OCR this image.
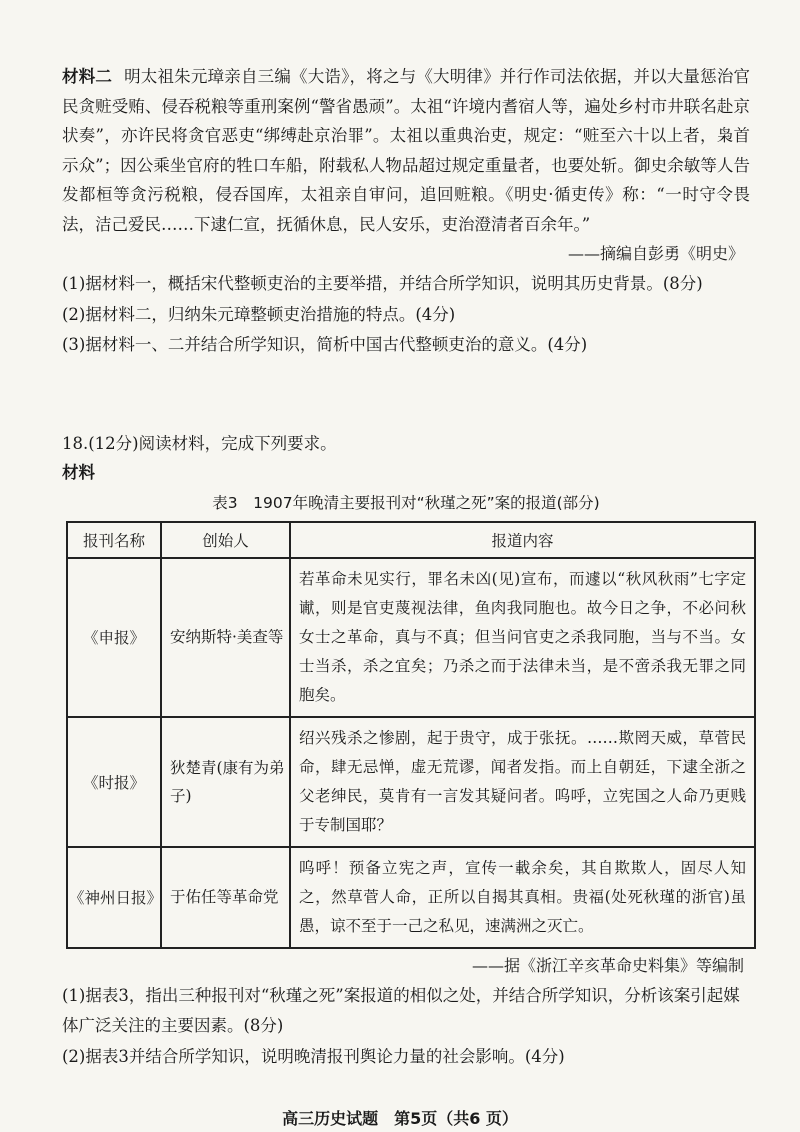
材料二 明太祖朱元璋亲自三编《大诰》，将之与《大明律》并行作司法依据，并以大量惩治官民贪赃受贿、侵吞税粮等重刑案例“警省愚顽”。太祖“许境内耆宿人等，遍处乡村市井联名赴京状奏”，亦许民将贪官恶吏“绑缚赴京治罪”。太祖以重典治吏，规定：“赃至六十以上者，枭首示众”；因公乘坐官府的牲口车船，附载私人物品超过规定重量者，也要处斩。御史余敏等人告发都桓等贪污税粮，侵吞国库，太祖亲自审问，追回赃粮。《明史·循吏传》称：“一时守令畏法，洁己爱民……下逮仁宣，抚循休息，民人安乐，吏治澄清者百余年。”

——摘编自彭勇《明史》

(1)据材料一，概括宋代整顿吏治的主要举措，并结合所学知识，说明其历史背景。(8分)

(2)据材料二，归纳朱元璋整顿吏治措施的特点。(4分)

(3)据材料一、二并结合所学知识，简析中国古代整顿吏治的意义。(4分)

18.(12分)阅读材料，完成下列要求。

材料
表3　1907年晚清主要报刊对“秋瑾之死”案的报道(部分)
报刊名称	创始人	报道内容
《申报》	安纳斯特·美查等	若革命未见实行，罪名未凶(见)宣布，而遽以“秋风秋雨”七字定谳，则是官吏蔑视法律，鱼肉我同胞也。故今日之争，不必问秋女士之革命，真与不真；但当问官吏之杀我同胞，当与不当。女士当杀，杀之宜矣；乃杀之而于法律未当，是不啻杀我无罪之同胞矣。
《时报》	狄楚青(康有为弟子)	绍兴残杀之惨剧，起于贵守，成于张抚。……欺罔天威，草菅民命，肆无忌惮，虚无荒谬，闻者发指。而上自朝廷，下逮全浙之父老绅民，莫肯有一言发其疑问者。呜呼，立宪国之人命乃更贱于专制国耶？
《神州日报》	于佑任等革命党	呜呼！预备立宪之声，宣传一載余矣，其自欺欺人，固尽人知之，然草菅人命，正所以自揭其真相。贵福(处死秋瑾的浙官)虽愚，谅不至于一己之私见，速满洲之灭亡。

——据《浙江辛亥革命史料集》等编制

(1)据表3，指出三种报刊对“秋瑾之死”案报道的相似之处，并结合所学知识，分析该案引起媒体广泛关注的主要因素。(8分)

(2)据表3并结合所学知识，说明晚清报刊舆论力量的社会影响。(4分)

高三历史试题　第5页（共6 页）
